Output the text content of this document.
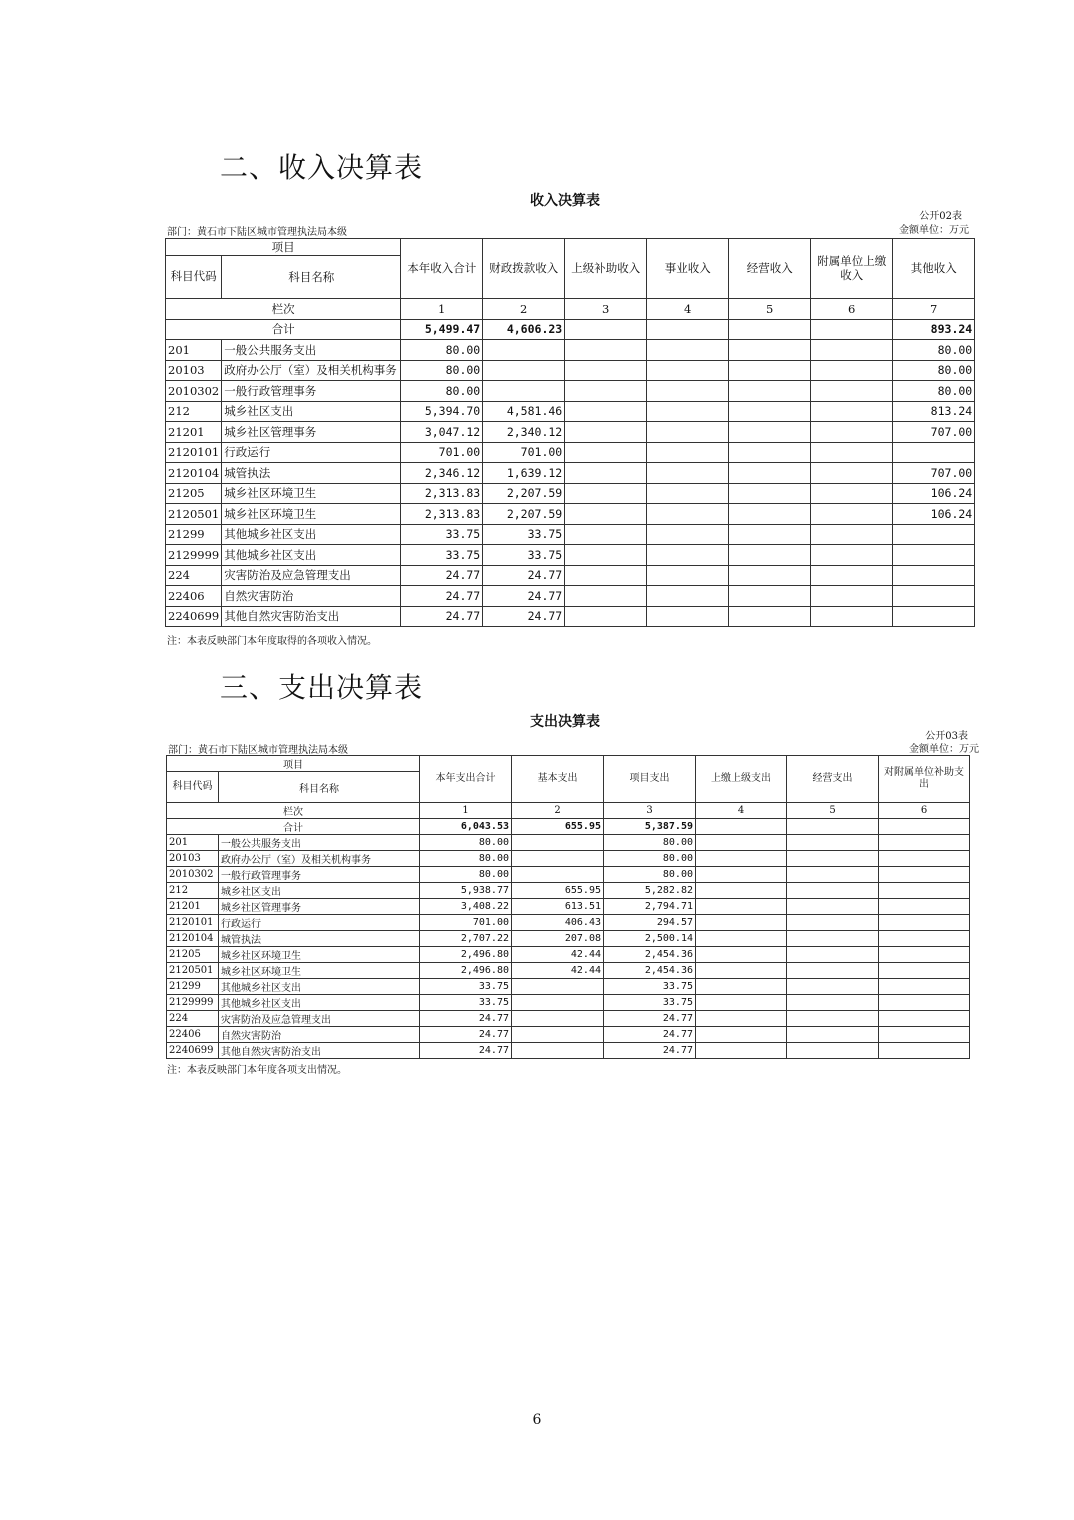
二、收入决算表
收入决算表
公开02表
部门：黄石市下陆区城市管理执法局本级	金额单位：万元
项目		本年收入合计	财政拨款收入	上级补助收入	事业收入	经营收入	附属单位上缴收入	其他收入
科目代码	科目名称							
栏次		1	2	3	4	5	6	7
合计		5,499.47	4,606.23					893.24
201	一般公共服务支出	80.00						80.00
20103	政府办公厅（室）及相关机构事务	80.00						80.00
2010302	一般行政管理事务	80.00						80.00
212	城乡社区支出	5,394.70	4,581.46					813.24
21201	城乡社区管理事务	3,047.12	2,340.12					707.00
2120101	行政运行	701.00	701.00					
2120104	城管执法	2,346.12	1,639.12					707.00
21205	城乡社区环境卫生	2,313.83	2,207.59					106.24
2120501	城乡社区环境卫生	2,313.83	2,207.59					106.24
21299	其他城乡社区支出	33.75	33.75					
2129999	其他城乡社区支出	33.75	33.75					
224	灾害防治及应急管理支出	24.77	24.77					
22406	自然灾害防治	24.77	24.77					
2240699	其他自然灾害防治支出	24.77	24.77					
注：本表反映部门本年度取得的各项收入情况。
三、支出决算表
支出决算表
公开03表
部门：黄石市下陆区城市管理执法局本级	金额单位：万元
项目		本年支出合计	基本支出	项目支出	上缴上级支出	经营支出	对附属单位补助支出
科目代码	科目名称						
栏次		1	2	3	4	5	6
合计		6,043.53	655.95	5,387.59			
201	一般公共服务支出	80.00		80.00			
20103	政府办公厅（室）及相关机构事务	80.00		80.00			
2010302	一般行政管理事务	80.00		80.00			
212	城乡社区支出	5,938.77	655.95	5,282.82			
21201	城乡社区管理事务	3,408.22	613.51	2,794.71			
2120101	行政运行	701.00	406.43	294.57			
2120104	城管执法	2,707.22	207.08	2,500.14			
21205	城乡社区环境卫生	2,496.80	42.44	2,454.36			
2120501	城乡社区环境卫生	2,496.80	42.44	2,454.36			
21299	其他城乡社区支出	33.75		33.75			
2129999	其他城乡社区支出	33.75		33.75			
224	灾害防治及应急管理支出	24.77		24.77			
22406	自然灾害防治	24.77		24.77			
2240699	其他自然灾害防治支出	24.77		24.77			
注：本表反映部门本年度各项支出情况。
6
